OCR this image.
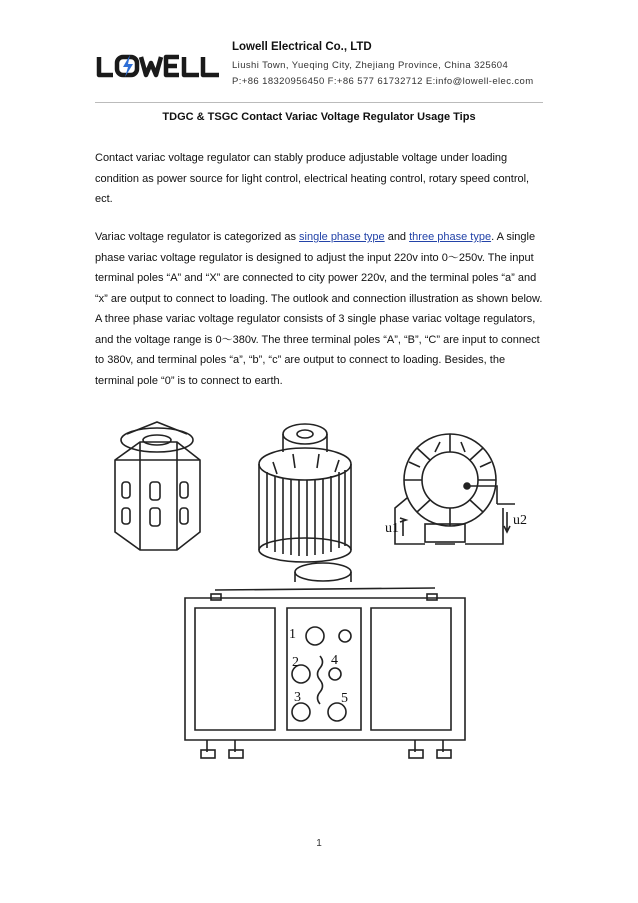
Lowell Electrical Co., LTD
Liushi Town, Yueqing City, Zhejiang Province, China 325604
P:+86 18320956450 F:+86 577 61732712 E:info@lowell-elec.com
TDGC & TSGC Contact Variac Voltage Regulator Usage Tips
Contact variac voltage regulator can stably produce adjustable voltage under loading condition as power source for light control, electrical heating control, rotary speed control, ect.
Variac voltage regulator is categorized as single phase type and three phase type. A single phase variac voltage regulator is designed to adjust the input 220v into 0～250v. The input terminal poles “A” and “X” are connected to city power 220v, and the terminal poles “a” and “x” are output to connect to loading. The outlook and connection illustration as shown below. A three phase variac voltage regulator consists of 3 single phase variac voltage regulators, and the voltage range is 0～380v. The three terminal poles “A”, “B”, “C” are input to connect to 380v, and terminal poles “a”, “b”, “c” are output to connect to loading. Besides, the terminal pole “0” is to connect to earth.
u1
u2
1
2
3
4
5
1
